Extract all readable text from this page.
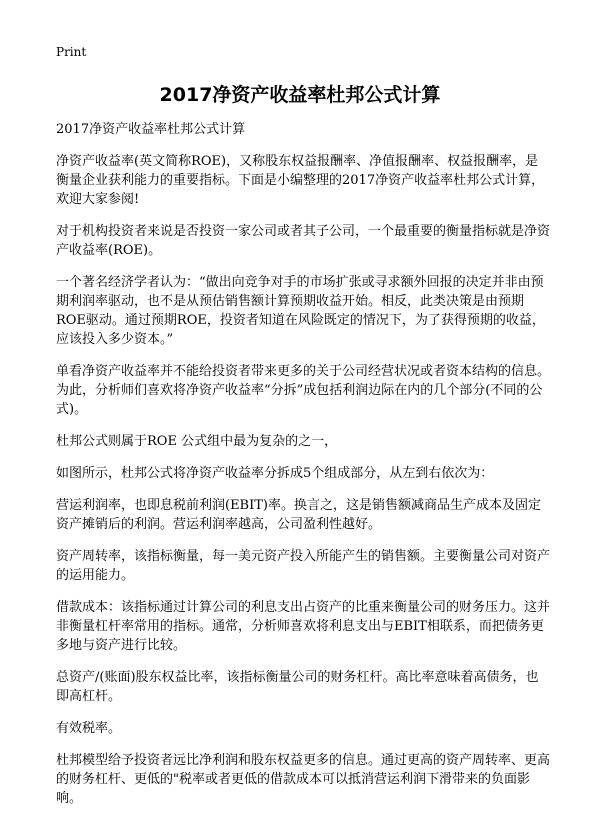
Print
2017净资产收益率杜邦公式计算

2017净资产收益率杜邦公式计算

净资产收益率(英文简称ROE)，又称股东权益报酬率、净值报酬率、权益报酬率，是衡量企业获利能力的重要指标。下面是小编整理的2017净资产收益率杜邦公式计算，欢迎大家参阅!

对于机构投资者来说是否投资一家公司或者其子公司，一个最重要的衡量指标就是净资产收益率(ROE)。

一个著名经济学者认为：“做出向竞争对手的市场扩张或寻求额外回报的决定并非由预期利润率驱动，也不是从预估销售额计算预期收益开始。相反，此类决策是由预期ROE驱动。通过预期ROE，投资者知道在风险既定的情况下，为了获得预期的收益，应该投入多少资本。”

单看净资产收益率并不能给投资者带来更多的关于公司经营状况或者资本结构的信息。为此，分析师们喜欢将净资产收益率“分拆”成包括利润边际在内的几个部分(不同的公式)。

杜邦公式则属于ROE 公式组中最为复杂的之一，

如图所示，杜邦公式将净资产收益率分拆成5个组成部分，从左到右依次为：

营运利润率，也即息税前利润(EBIT)率。换言之，这是销售额减商品生产成本及固定资产摊销后的利润。营运利润率越高，公司盈利性越好。

资产周转率，该指标衡量，每一美元资产投入所能产生的销售额。主要衡量公司对资产的运用能力。

借款成本：该指标通过计算公司的利息支出占资产的比重来衡量公司的财务压力。这并非衡量杠杆率常用的指标。通常，分析师喜欢将利息支出与EBIT相联系，而把债务更多地与资产进行比较。

总资产/(账面)股东权益比率，该指标衡量公司的财务杠杆。高比率意味着高债务，也即高杠杆。

有效税率。

杜邦模型给予投资者远比净利润和股东权益更多的信息。通过更高的资产周转率、更高的财务杠杆、更低的"税率或者更低的借款成本可以抵消营运利润下滑带来的负面影响。
